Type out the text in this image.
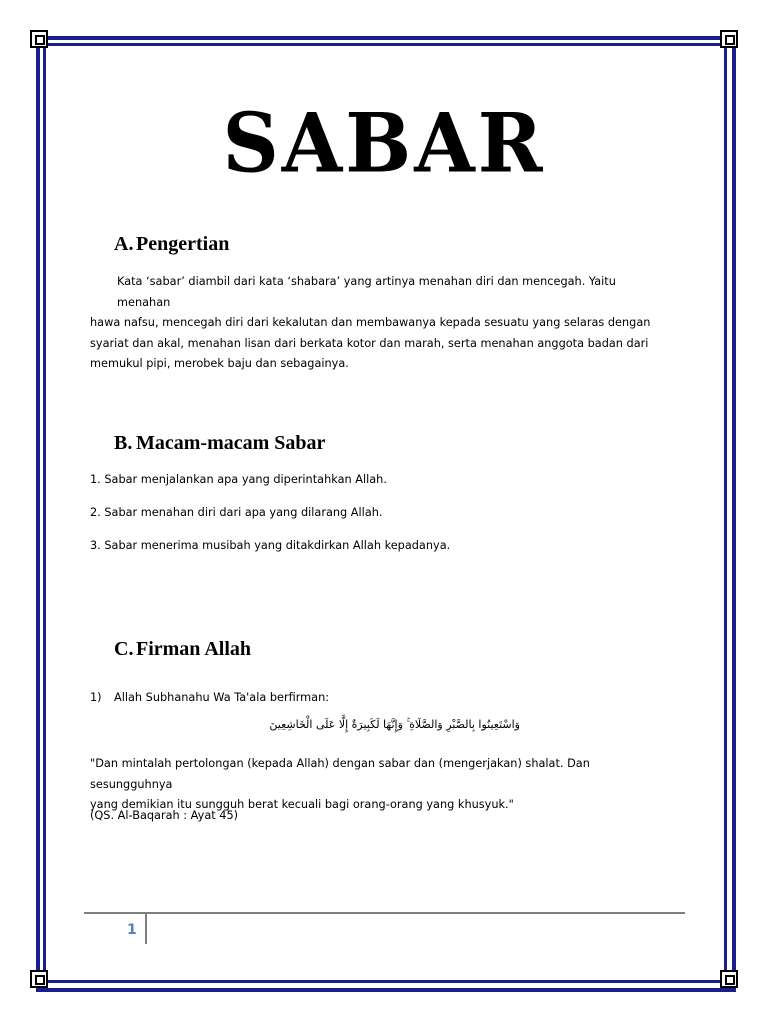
SABAR
A. Pengertian
Kata ‘sabar’ diambil dari kata ‘shabara’ yang artinya menahan diri dan mencegah. Yaitu menahan
hawa nafsu, mencegah diri dari kekalutan dan membawanya kepada sesuatu yang selaras dengan
syariat dan akal, menahan lisan dari berkata kotor dan marah, serta menahan anggota badan dari
memukul pipi, merobek baju dan sebagainya.
B. Macam-macam Sabar
1. Sabar menjalankan apa yang diperintahkan Allah.
2. Sabar menahan diri dari apa yang dilarang Allah.
3. Sabar menerima musibah yang ditakdirkan Allah kepadanya.
C. Firman Allah
1) Allah Subhanahu Wa Ta'ala berfirman:
وَاسْتَعِينُوا بِالصَّبْرِ وَالصَّلَاةِ ۚ وَإِنَّهَا لَكَبِيرَةٌ إِلَّا عَلَى الْخَاشِعِينَ
"Dan mintalah pertolongan (kepada Allah) dengan sabar dan (mengerjakan) shalat. Dan sesungguhnya
yang demikian itu sungguh berat kecuali bagi orang-orang yang khusyuk."
(QS. Al-Baqarah : Ayat 45)
1
